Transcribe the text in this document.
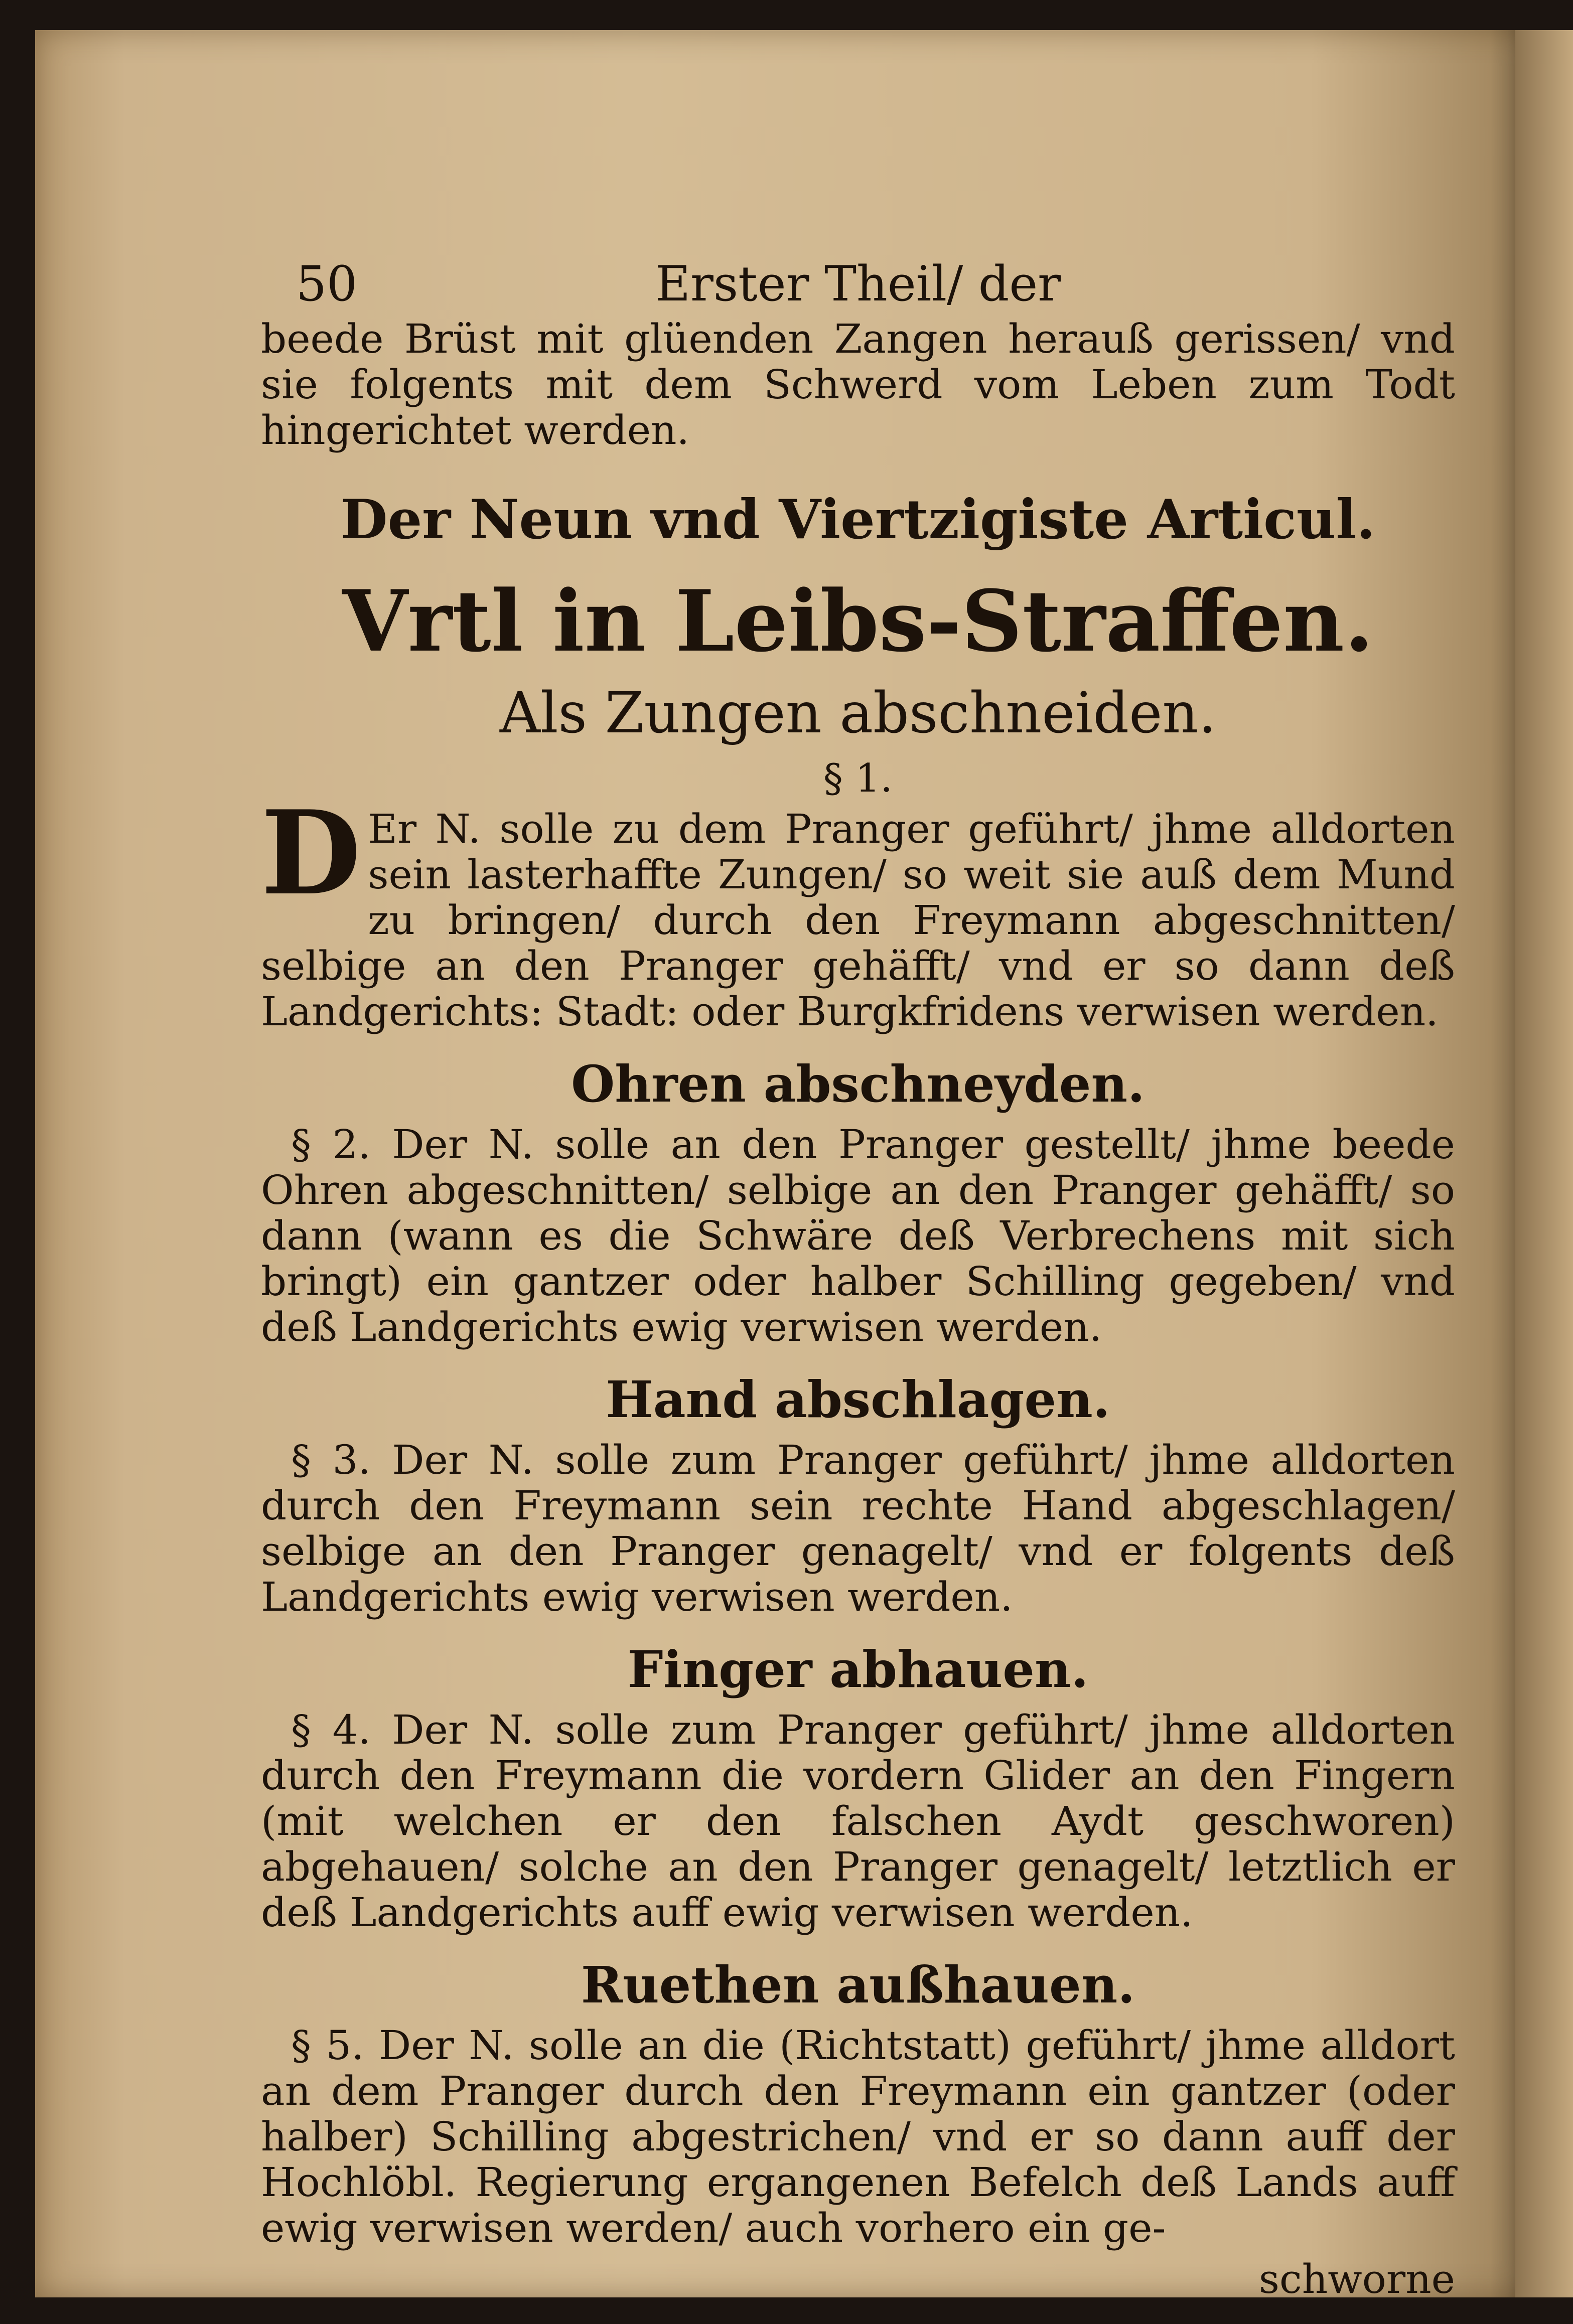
50	Erster Theil/ der

beede Brüst mit glüenden Zangen herauß gerissen/ vnd sie folgents mit dem Schwerd vom Leben zum Todt hingerichtet werden.

Der Neun vnd Viertzigiste Articul.
Vrtl in Leibs-Straffen.
Als Zungen abschneiden.
§ 1.

D Er N. solle zu dem Pranger geführt/ jhme alldorten sein lasterhaffte Zungen/ so weit sie auß dem Mund zu bringen/ durch den Freymann abgeschnitten/ selbige an den Pranger gehäfft/ vnd er so dann deß Landgerichts: Stadt: oder Burgkfridens verwisen werden.

Ohren abschneyden.

§ 2. Der N. solle an den Pranger gestellt/ jhme beede Ohren abgeschnitten/ selbige an den Pranger gehäfft/ so dann (wann es die Schwäre deß Verbrechens mit sich bringt) ein gantzer oder halber Schilling gegeben/ vnd deß Landgerichts ewig verwisen werden.

Hand abschlagen.

§ 3. Der N. solle zum Pranger geführt/ jhme alldorten durch den Freymann sein rechte Hand abgeschlagen/ selbige an den Pranger genagelt/ vnd er folgents deß Landgerichts ewig verwisen werden.

Finger abhauen.

§ 4. Der N. solle zum Pranger geführt/ jhme alldorten durch den Freymann die vordern Glider an den Fingern (mit welchen er den falschen Aydt geschworen) abgehauen/ solche an den Pranger genagelt/ letztlich er deß Landgerichts auff ewig verwisen werden.

Ruethen außhauen.

§ 5. Der N. solle an die (Richtstatt) geführt/ jhme alldort an dem Pranger durch den Freymann ein gantzer (oder halber) Schilling abgestrichen/ vnd er so dann auff der Hochlöbl. Regierung ergangenen Befelch deß Lands auff ewig verwisen werden/ auch vorhero ein ge-

schworne
